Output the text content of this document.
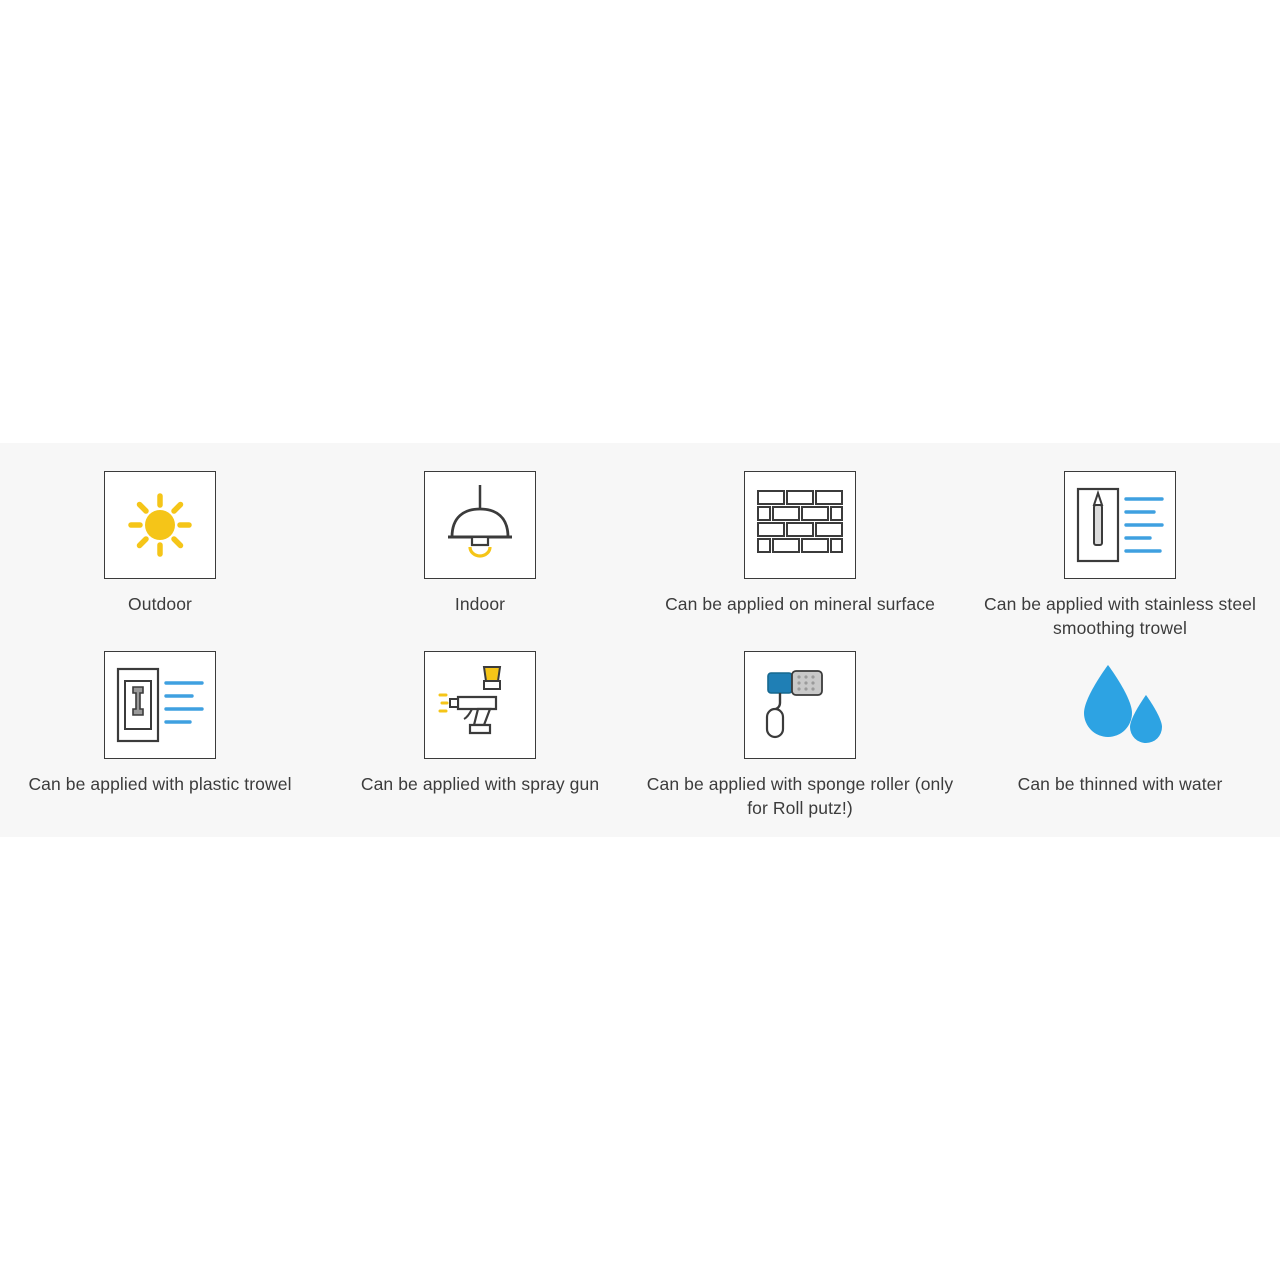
Outdoor	Indoor	Can be applied on mineral surface	Can be applied with stainless steel smoothing trowel
Can be applied with plastic trowel	Can be applied with spray gun	Can be applied with sponge roller (only for Roll putz!)
Can be thinned with water
